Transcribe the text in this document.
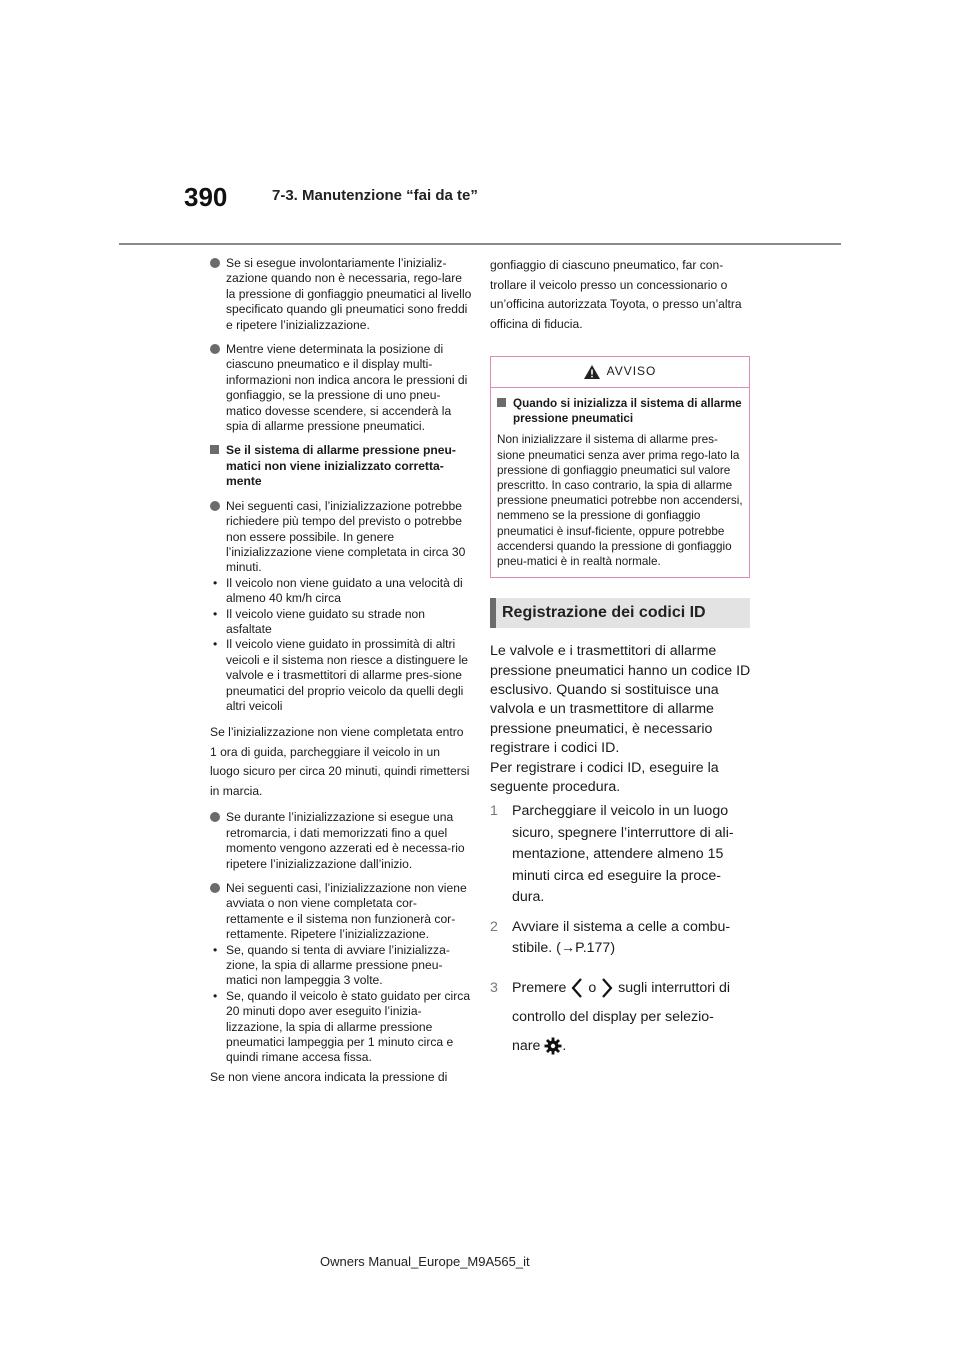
390	7-3. Manutenzione “fai da te”
Se si esegue involontariamente l’inizializ-zazione quando non è necessaria, rego-lare la pressione di gonfiaggio pneumatici al livello specificato quando gli pneumatici sono freddi e ripetere l’inizializzazione.
Mentre viene determinata la posizione di ciascuno pneumatico e il display multi-informazioni non indica ancora le pressioni di gonfiaggio, se la pressione di uno pneu-matico dovesse scendere, si accenderà la spia di allarme pressione pneumatici.
Se il sistema di allarme pressione pneu-matici non viene inizializzato corretta-mente
Nei seguenti casi, l’inizializzazione potrebbe richiedere più tempo del previsto o potrebbe non essere possibile. In genere l’inizializzazione viene completata in circa 30 minuti.
• Il veicolo non viene guidato a una velocità di almeno 40 km/h circa
• Il veicolo viene guidato su strade non asfaltate
• Il veicolo viene guidato in prossimità di altri veicoli e il sistema non riesce a distinguere le valvole e i trasmettitori di allarme pres-sione pneumatici del proprio veicolo da quelli degli altri veicoli

Se l’inizializzazione non viene completata entro 1 ora di guida, parcheggiare il veicolo in un luogo sicuro per circa 20 minuti, quindi rimettersi in marcia.

Se durante l’inizializzazione si esegue una retromarcia, i dati memorizzati fino a quel momento vengono azzerati ed è necessa-rio ripetere l’inizializzazione dall’inizio.
Nei seguenti casi, l’inizializzazione non viene avviata o non viene completata cor-rettamente e il sistema non funzionerà cor-rettamente. Ripetere l’inizializzazione.
• Se, quando si tenta di avviare l’inizializza-zione, la spia di allarme pressione pneu-matici non lampeggia 3 volte.
• Se, quando il veicolo è stato guidato per circa 20 minuti dopo aver eseguito l’inizia-lizzazione, la spia di allarme pressione pneumatici lampeggia per 1 minuto circa e quindi rimane accesa fissa.

Se non viene ancora indicata la pressione di

gonfiaggio di ciascuno pneumatico, far con-trollare il veicolo presso un concessionario o un’officina autorizzata Toyota, o presso un’altra officina di fiducia.
AVVISO
Quando si inizializza il sistema di allarme pressione pneumatici

Non inizializzare il sistema di allarme pres-sione pneumatici senza aver prima rego-lato la pressione di gonfiaggio pneumatici sul valore prescritto. In caso contrario, la spia di allarme pressione pneumatici potrebbe non accendersi, nemmeno se la pressione di gonfiaggio pneumatici è insuf-ficiente, oppure potrebbe accendersi quando la pressione di gonfiaggio pneu-matici è in realtà normale.

Registrazione dei codici ID

Le valvole e i trasmettitori di allarme pressione pneumatici hanno un codice ID esclusivo. Quando si sostituisce una valvola e un trasmettitore di allarme pressione pneumatici, è necessario registrare i codici ID.

Per registrare i codici ID, eseguire la seguente procedura.

1 Parcheggiare il veicolo in un luogo sicuro, spegnere l’interruttore di ali-mentazione, attendere almeno 15 minuti circa ed eseguire la proce-dura.
2 Avviare il sistema a celle a combu-stibile. (→P.177)
3 Premere o sugli interruttori di controllo del display per selezio-
nare .
Owners Manual_Europe_M9A565_it
